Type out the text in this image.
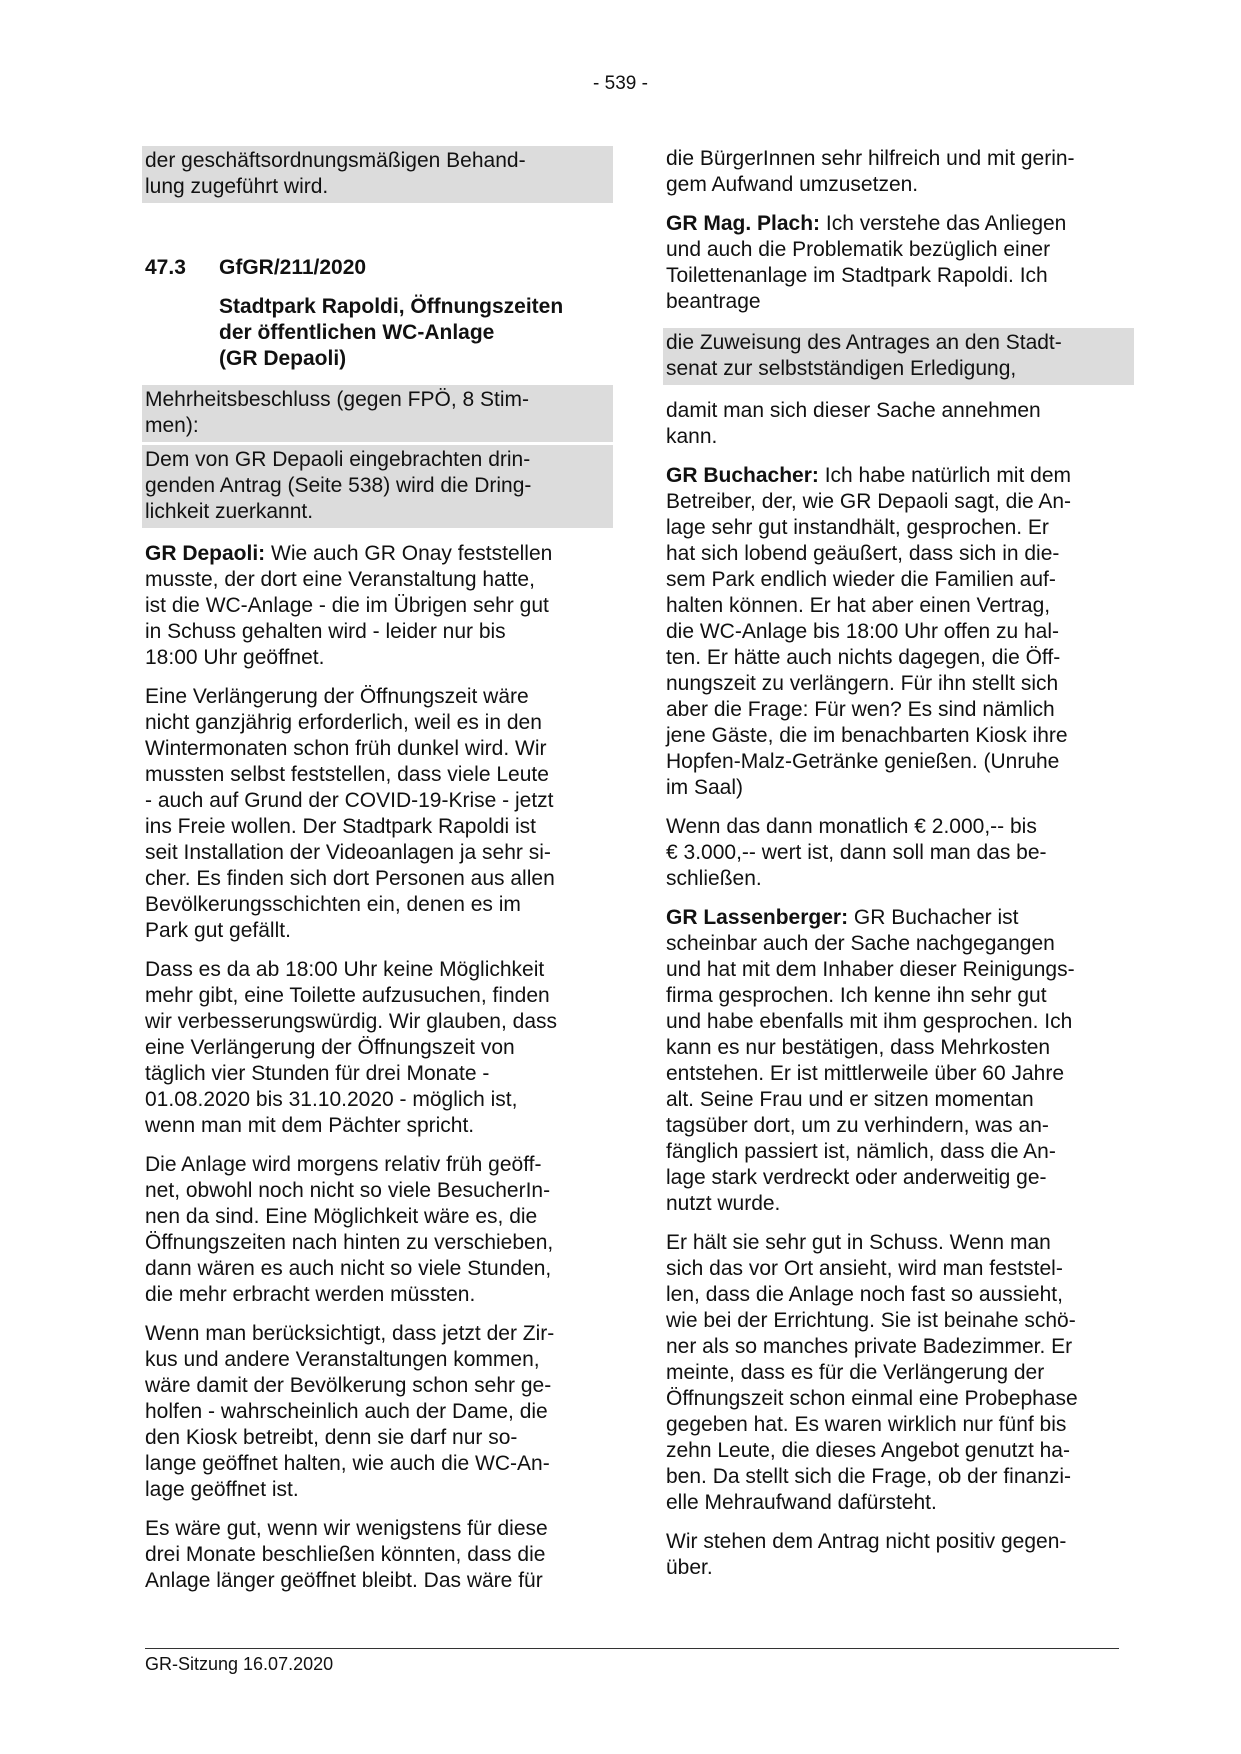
- 539 -
der geschäftsordnungsmäßigen Behand-
lung zugeführt wird.
47.3	GfGR/211/2020
Stadtpark Rapoldi, Öffnungszeiten
der öffentlichen WC-Anlage
(GR Depaoli)
Mehrheitsbeschluss (gegen FPÖ, 8 Stim-
men):
Dem von GR Depaoli eingebrachten drin-
genden Antrag (Seite 538) wird die Dring-
lichkeit zuerkannt.
GR Depaoli: Wie auch GR Onay feststellen
musste, der dort eine Veranstaltung hatte,
ist die WC-Anlage - die im Übrigen sehr gut
in Schuss gehalten wird - leider nur bis
18:00 Uhr geöffnet.
Eine Verlängerung der Öffnungszeit wäre
nicht ganzjährig erforderlich, weil es in den
Wintermonaten schon früh dunkel wird. Wir
mussten selbst feststellen, dass viele Leute
- auch auf Grund der COVID-19-Krise - jetzt
ins Freie wollen. Der Stadtpark Rapoldi ist
seit Installation der Videoanlagen ja sehr si-
cher. Es finden sich dort Personen aus allen
Bevölkerungsschichten ein, denen es im
Park gut gefällt.
Dass es da ab 18:00 Uhr keine Möglichkeit
mehr gibt, eine Toilette aufzusuchen, finden
wir verbesserungswürdig. Wir glauben, dass
eine Verlängerung der Öffnungszeit von
täglich vier Stunden für drei Monate -
01.08.2020 bis 31.10.2020 - möglich ist,
wenn man mit dem Pächter spricht.
Die Anlage wird morgens relativ früh geöff-
net, obwohl noch nicht so viele BesucherIn-
nen da sind. Eine Möglichkeit wäre es, die
Öffnungszeiten nach hinten zu verschieben,
dann wären es auch nicht so viele Stunden,
die mehr erbracht werden müssten.
Wenn man berücksichtigt, dass jetzt der Zir-
kus und andere Veranstaltungen kommen,
wäre damit der Bevölkerung schon sehr ge-
holfen - wahrscheinlich auch der Dame, die
den Kiosk betreibt, denn sie darf nur so-
lange geöffnet halten, wie auch die WC-An-
lage geöffnet ist.
Es wäre gut, wenn wir wenigstens für diese
drei Monate beschließen könnten, dass die
Anlage länger geöffnet bleibt. Das wäre für
die BürgerInnen sehr hilfreich und mit gerin-
gem Aufwand umzusetzen.
GR Mag. Plach: Ich verstehe das Anliegen
und auch die Problematik bezüglich einer
Toilettenanlage im Stadtpark Rapoldi. Ich
beantrage
die Zuweisung des Antrages an den Stadt-
senat zur selbstständigen Erledigung,
damit man sich dieser Sache annehmen
kann.
GR Buchacher: Ich habe natürlich mit dem
Betreiber, der, wie GR Depaoli sagt, die An-
lage sehr gut instandhält, gesprochen. Er
hat sich lobend geäußert, dass sich in die-
sem Park endlich wieder die Familien auf-
halten können. Er hat aber einen Vertrag,
die WC-Anlage bis 18:00 Uhr offen zu hal-
ten. Er hätte auch nichts dagegen, die Öff-
nungszeit zu verlängern. Für ihn stellt sich
aber die Frage: Für wen? Es sind nämlich
jene Gäste, die im benachbarten Kiosk ihre
Hopfen-Malz-Getränke genießen. (Unruhe
im Saal)
Wenn das dann monatlich € 2.000,-- bis
€ 3.000,-- wert ist, dann soll man das be-
schließen.
GR Lassenberger: GR Buchacher ist
scheinbar auch der Sache nachgegangen
und hat mit dem Inhaber dieser Reinigungs-
firma gesprochen. Ich kenne ihn sehr gut
und habe ebenfalls mit ihm gesprochen. Ich
kann es nur bestätigen, dass Mehrkosten
entstehen. Er ist mittlerweile über 60 Jahre
alt. Seine Frau und er sitzen momentan
tagsüber dort, um zu verhindern, was an-
fänglich passiert ist, nämlich, dass die An-
lage stark verdreckt oder anderweitig ge-
nutzt wurde.
Er hält sie sehr gut in Schuss. Wenn man
sich das vor Ort ansieht, wird man feststel-
len, dass die Anlage noch fast so aussieht,
wie bei der Errichtung. Sie ist beinahe schö-
ner als so manches private Badezimmer. Er
meinte, dass es für die Verlängerung der
Öffnungszeit schon einmal eine Probephase
gegeben hat. Es waren wirklich nur fünf bis
zehn Leute, die dieses Angebot genutzt ha-
ben. Da stellt sich die Frage, ob der finanzi-
elle Mehraufwand dafürsteht.
Wir stehen dem Antrag nicht positiv gegen-
über.
GR-Sitzung 16.07.2020
